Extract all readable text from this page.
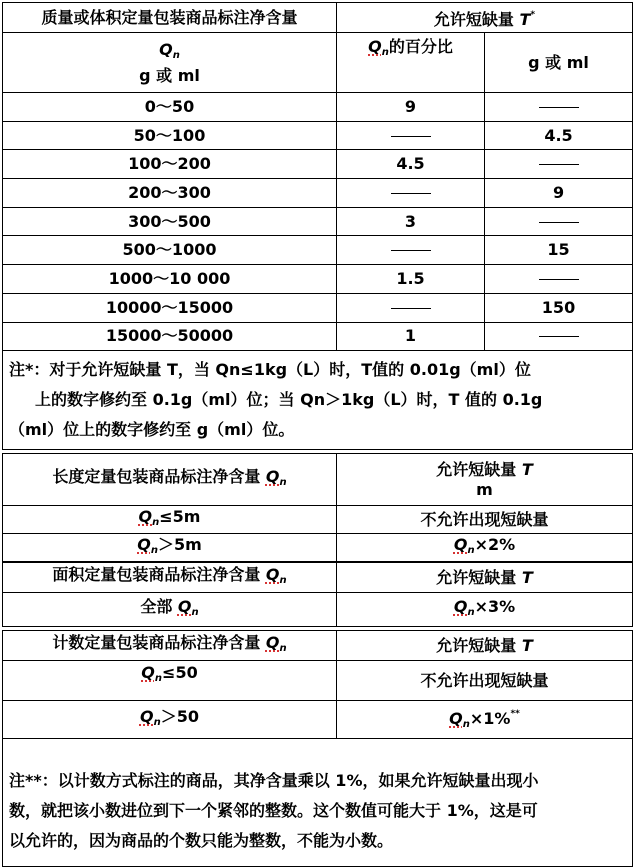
质量或体积定量包装商品标注净含量	允许短缺量 T*

$Q_n$
g 或 ml	$Q_n$的百分比	g 或 ml
0～50	9	
50～100		4.5
100～200	4.5	
200～300		9
300～500	3	
500～1000		15
1000～10 000	1.5	
10000～15000		150
15000～50000	1	
注*：对于允许短缺量 T，当 Qn≤1kg（L）时，T值的 0.01g（ml）位
上的数字修约至 0.1g（ml）位；当 Qn＞1kg（L）时，T 值的 0.1g
（ml）位上的数字修约至 g（ml）位。		
长度定量包装商品标注净含量 $Q_n$	允许短缺量 T
m

$Q_n\le 5m$	不允许出现短缺量
$Q_n>5m$	$Q_n\times 2\%$
面积定量包装商品标注净含量 $Q_n$	允许短缺量 T
全部 $Q_n$	$Q_n\times 3\%$
计数定量包装商品标注净含量 $Q_n$	允许短缺量 T
$Q_n\le 50$	不允许出现短缺量
$Q_n>50$	$Q_n\times 1\%^{**}$

注**：以计数方式标注的商品，其净含量乘以 1%，如果允许短缺量出现小
数，就把该小数进位到下一个紧邻的整数。这个数值可能大于 1%，这是可
以允许的，因为商品的个数只能为整数，不能为小数。	
